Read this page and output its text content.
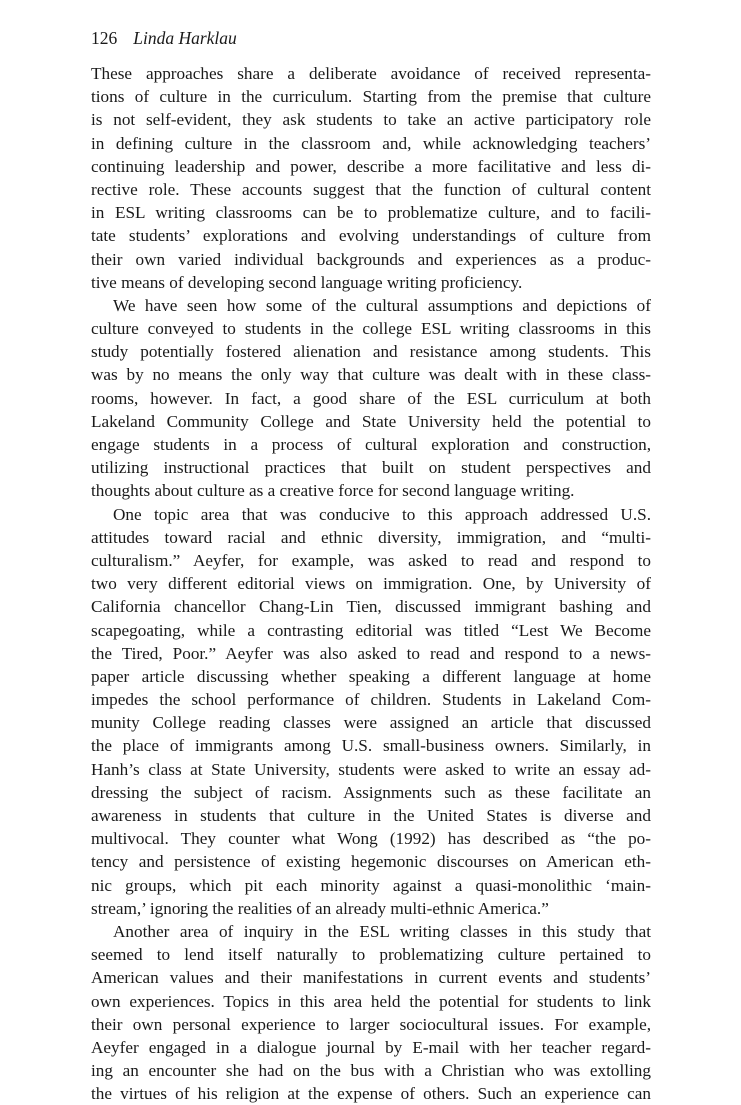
126 Linda Harklau
These approaches share a deliberate avoidance of received representa-
tions of culture in the curriculum. Starting from the premise that culture
is not self-evident, they ask students to take an active participatory role
in defining culture in the classroom and, while acknowledging teachers’
continuing leadership and power, describe a more facilitative and less di-
rective role. These accounts suggest that the function of cultural content
in ESL writing classrooms can be to problematize culture, and to facili-
tate students’ explorations and evolving understandings of culture from
their own varied individual backgrounds and experiences as a produc-
tive means of developing second language writing proficiency.
We have seen how some of the cultural assumptions and depictions of
culture conveyed to students in the college ESL writing classrooms in this
study potentially fostered alienation and resistance among students. This
was by no means the only way that culture was dealt with in these class-
rooms, however. In fact, a good share of the ESL curriculum at both
Lakeland Community College and State University held the potential to
engage students in a process of cultural exploration and construction,
utilizing instructional practices that built on student perspectives and
thoughts about culture as a creative force for second language writing.
One topic area that was conducive to this approach addressed U.S.
attitudes toward racial and ethnic diversity, immigration, and “multi-
culturalism.” Aeyfer, for example, was asked to read and respond to
two very different editorial views on immigration. One, by University of
California chancellor Chang-Lin Tien, discussed immigrant bashing and
scapegoating, while a contrasting editorial was titled “Lest We Become
the Tired, Poor.” Aeyfer was also asked to read and respond to a news-
paper article discussing whether speaking a different language at home
impedes the school performance of children. Students in Lakeland Com-
munity College reading classes were assigned an article that discussed
the place of immigrants among U.S. small-business owners. Similarly, in
Hanh’s class at State University, students were asked to write an essay ad-
dressing the subject of racism. Assignments such as these facilitate an
awareness in students that culture in the United States is diverse and
multivocal. They counter what Wong (1992) has described as “the po-
tency and persistence of existing hegemonic discourses on American eth-
nic groups, which pit each minority against a quasi-monolithic ‘main-
stream,’ ignoring the realities of an already multi-ethnic America.”
Another area of inquiry in the ESL writing classes in this study that
seemed to lend itself naturally to problematizing culture pertained to
American values and their manifestations in current events and students’
own experiences. Topics in this area held the potential for students to link
their own personal experience to larger sociocultural issues. For example,
Aeyfer engaged in a dialogue journal by E-mail with her teacher regard-
ing an encounter she had on the bus with a Christian who was extolling
the virtues of his religion at the expense of others. Such an experience can
